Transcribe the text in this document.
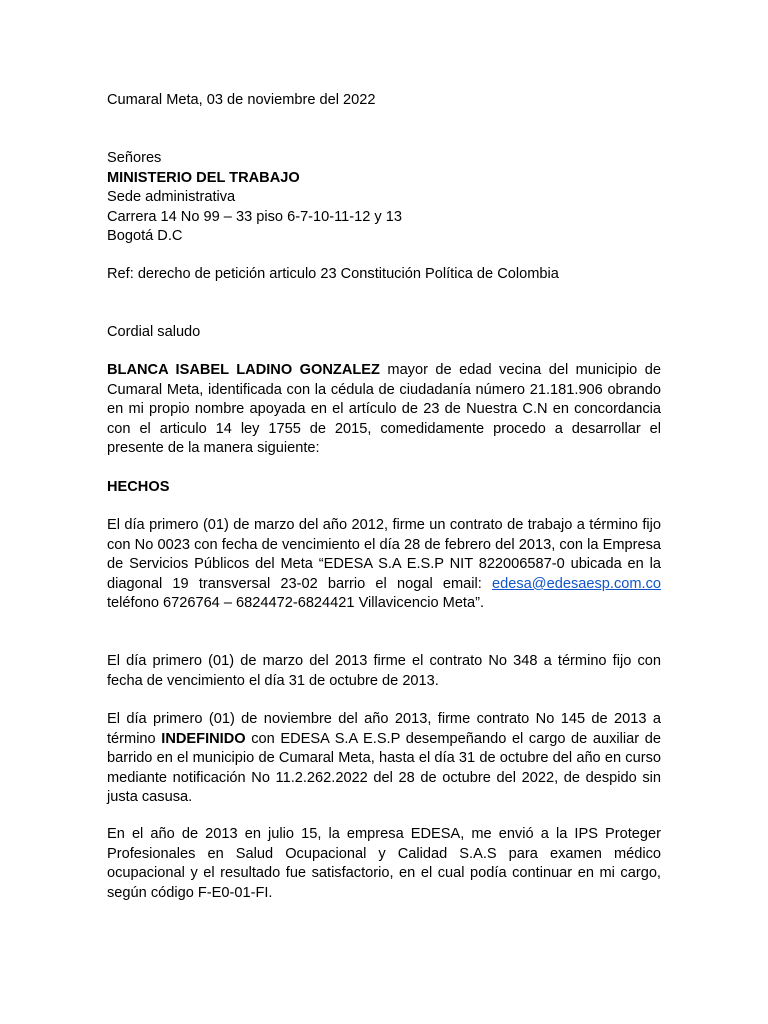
Cumaral Meta, 03 de noviembre del 2022

Señores
MINISTERIO DEL TRABAJO
Sede administrativa
Carrera 14 No 99 – 33 piso 6-7-10-11-12 y 13
Bogotá D.C

Ref: derecho de petición articulo 23 Constitución Política de Colombia

Cordial saludo

BLANCA ISABEL LADINO GONZALEZ mayor de edad vecina del municipio de Cumaral Meta, identificada con la cédula de ciudadanía número 21.181.906 obrando en mi propio nombre apoyada en el artículo de 23 de Nuestra C.N en concordancia con el articulo 14 ley 1755 de 2015, comedidamente procedo a desarrollar el presente de la manera siguiente:

HECHOS

El día primero (01) de marzo del año 2012, firme un contrato de trabajo a término fijo con No 0023 con fecha de vencimiento el día 28 de febrero del 2013, con la Empresa de Servicios Públicos del Meta “EDESA S.A E.S.P NIT 822006587-0 ubicada en la diagonal 19 transversal 23-02 barrio el nogal email: edesa@edesaesp.com.co teléfono 6726764 – 6824472-6824421 Villavicencio Meta”.

El día primero (01) de marzo del 2013 firme el contrato No 348 a término fijo con fecha de vencimiento el día 31 de octubre de 2013.

El día primero (01) de noviembre del año 2013, firme contrato No 145 de 2013 a término INDEFINIDO con EDESA S.A E.S.P desempeñando el cargo de auxiliar de barrido en el municipio de Cumaral Meta, hasta el día 31 de octubre del año en curso mediante notificación No 11.2.262.2022 del 28 de octubre del 2022, de despido sin justa casusa.

En el año de 2013 en julio 15, la empresa EDESA, me envió a la IPS Proteger Profesionales en Salud Ocupacional y Calidad S.A.S para examen médico ocupacional y el resultado fue satisfactorio, en el cual podía continuar en mi cargo, según código F-E0-01-FI.
